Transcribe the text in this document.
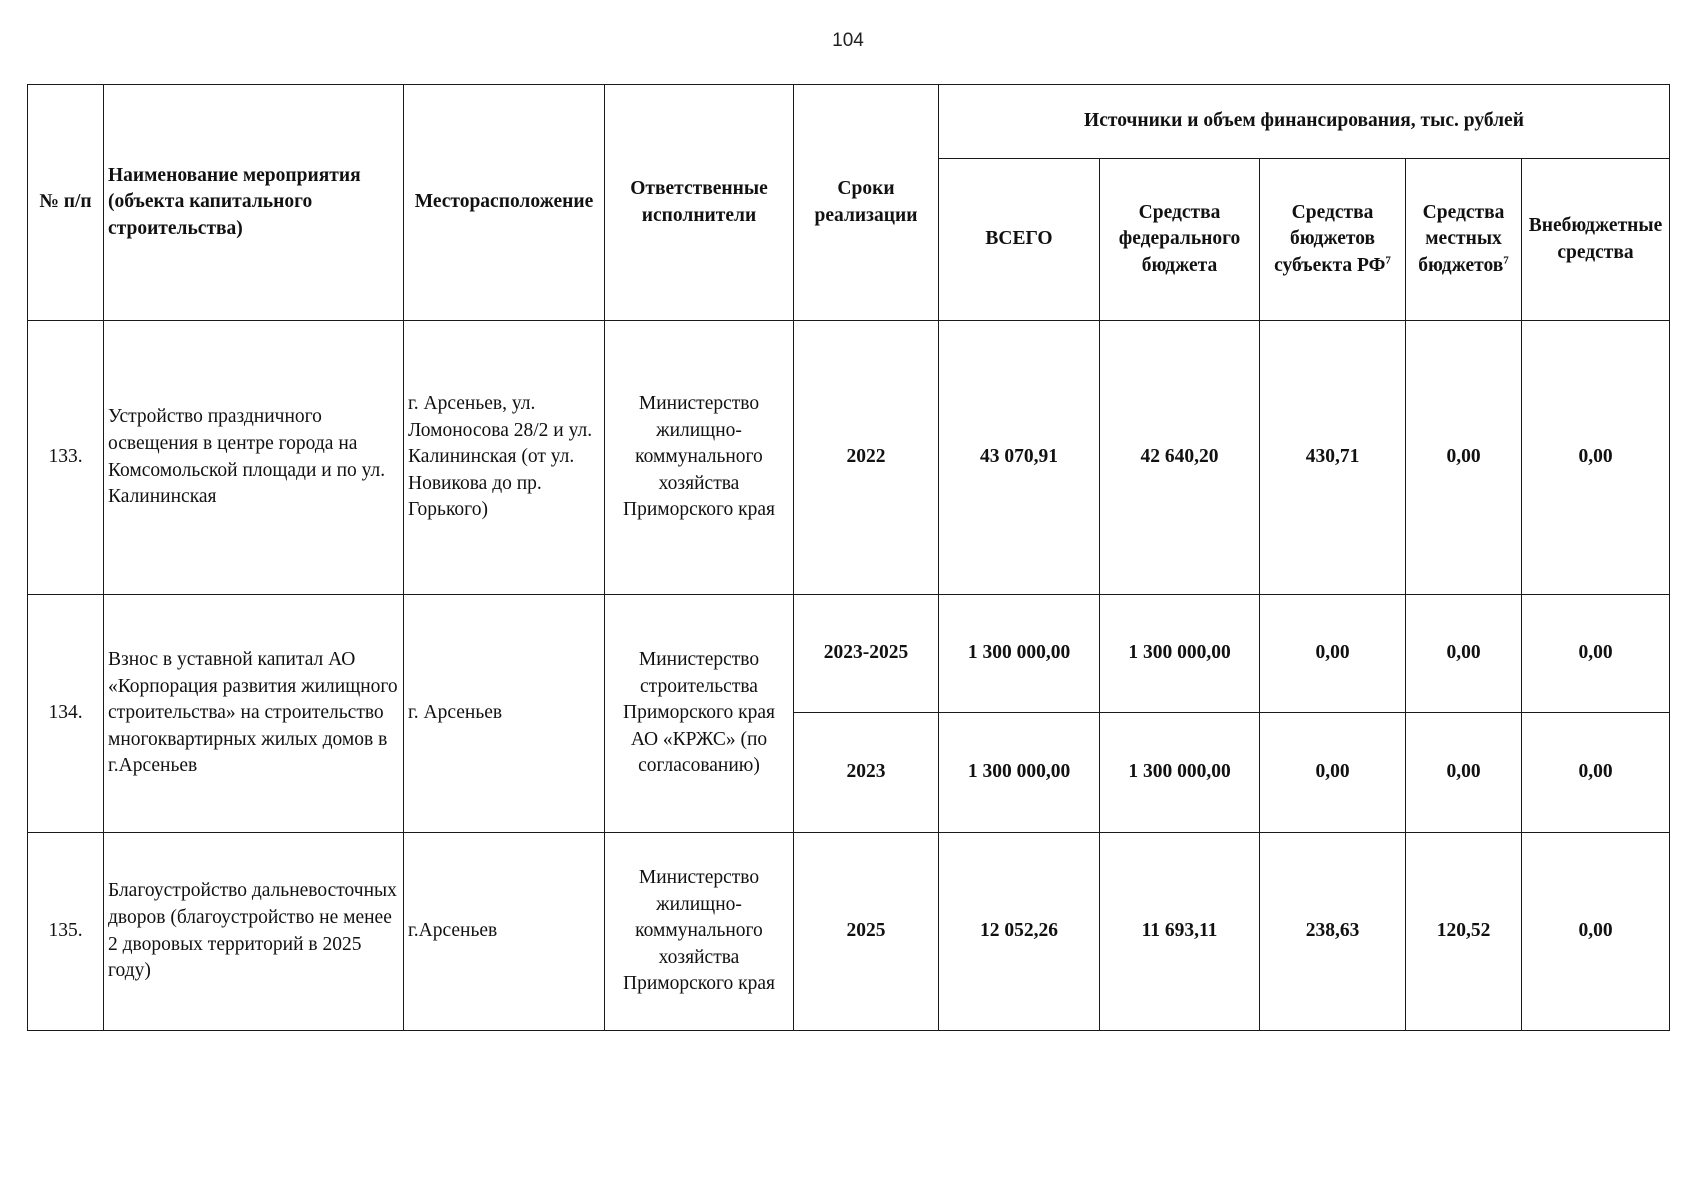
104
№ п/п	Наименование мероприятия (объекта капитального строительства)	Месторасположение	Ответственные исполнители	Сроки реализации	Источники и объем финансирования, тыс. рублей				
					ВСЕГО	Средства федерального бюджета	Средства бюджетов субъекта $РФ^7$	Средства местных бюджетов$^7$	Внебюджетные средства
133.	Устройство праздничного освещения в центре города на Комсомольской площади и по ул. Калининская	г. Арсеньев, ул. Ломоносова 28/2 и ул. Калининская (от ул. Новикова до пр. Горького)	Министерство жилищно-коммунального хозяйства Приморского края	2022	43 070,91	42 640,20	430,71	0,00	0,00
134.	Взнос в уставной капитал АО «Корпорация развития жилищного строительства» на строительство многоквартирных жилых домов в г.Арсеньев	г. Арсеньев	Министерство строительства Приморского края АО «КРЖС» (по согласованию)	2023-2025	1 300 000,00	1 300 000,00	0,00	0,00	0,00
				2023	1 300 000,00	1 300 000,00	0,00	0,00	0,00
135.	Благоустройство дальневосточных дворов (благоустройство не менее 2 дворовых территорий в 2025 году)	г.Арсеньев	Министерство жилищно-коммунального хозяйства Приморского края	2025	12 052,26	11 693,11	238,63	120,52	0,00
